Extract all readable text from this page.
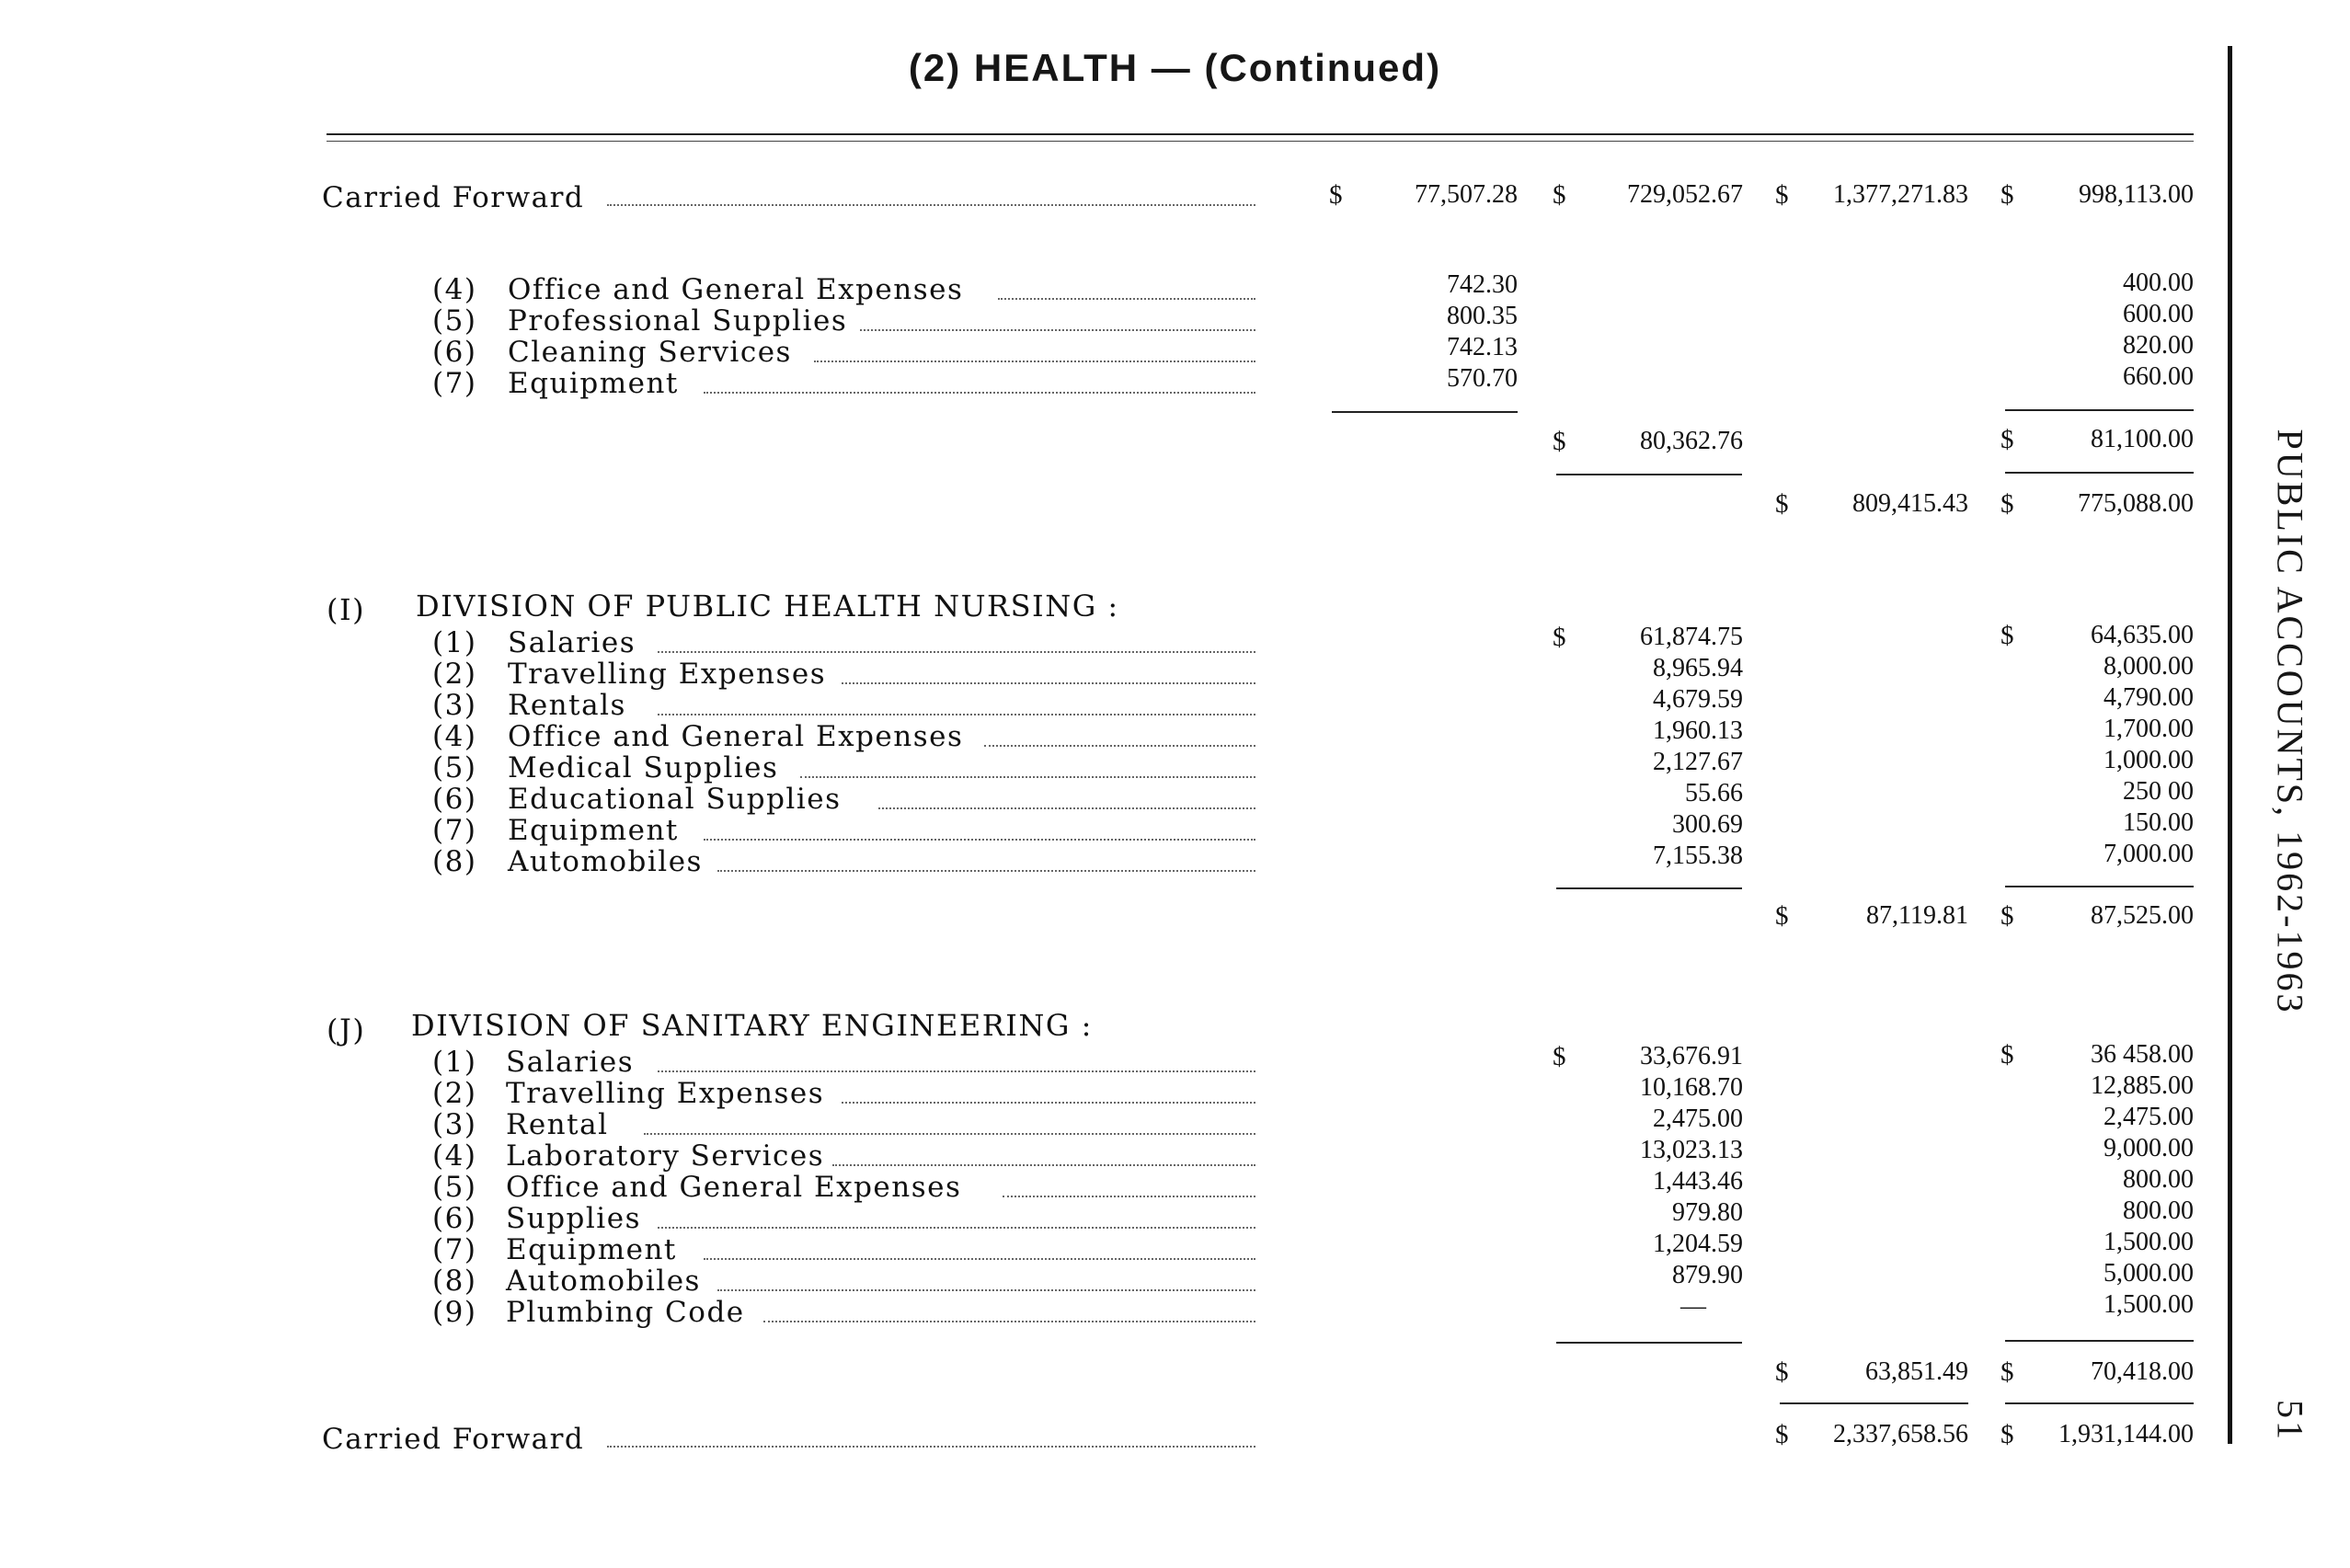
(2) HEALTH — (Continued)
PUBLIC ACCOUNTS, 1962-1963
51
Carried Forward	$	77,507.28 $	729,052.67 $	1,377,271.83 $	998,113.00
(4) Office and General Expenses	742.30	400.00
(5) Professional Supplies	800.35	600.00
(6) Cleaning Services	742.13	820.00
(7) Equipment	570.70	660.00
$	80,362.76	$	81,100.00
$	809,415.43 $	775,088.00
(I) DIVISION OF PUBLIC HEALTH NURSING :
(1) Salaries	$	61,874.75	$	64,635.00
(2) Travelling Expenses	8,965.94	8,000.00
(3) Rentals	4,679.59	4,790.00
(4) Office and General Expenses	1,960.13	1,700.00
(5) Medical Supplies	2,127.67	1,000.00
(6) Educational Supplies	55.66	250 00
(7) Equipment	300.69	150.00
(8) Automobiles	7,155.38	7,000.00
$	87,119.81 $	87,525.00
(J) DIVISION OF SANITARY ENGINEERING :
(1) Salaries	$	33,676.91	$	36 458.00
(2) Travelling Expenses	10,168.70	12,885.00
(3) Rental	2,475.00	2,475.00
(4) Laboratory Services	13,023.13	9,000.00
(5) Office and General Expenses	1,443.46	800.00
(6) Supplies	979.80	800.00
(7) Equipment	1,204.59	1,500.00
(8) Automobiles	879.90	5,000.00
(9) Plumbing Code	—	1,500.00
$	63,851.49 $	70,418.00
Carried Forward	$	2,337,658.56 $	1,931,144.00
